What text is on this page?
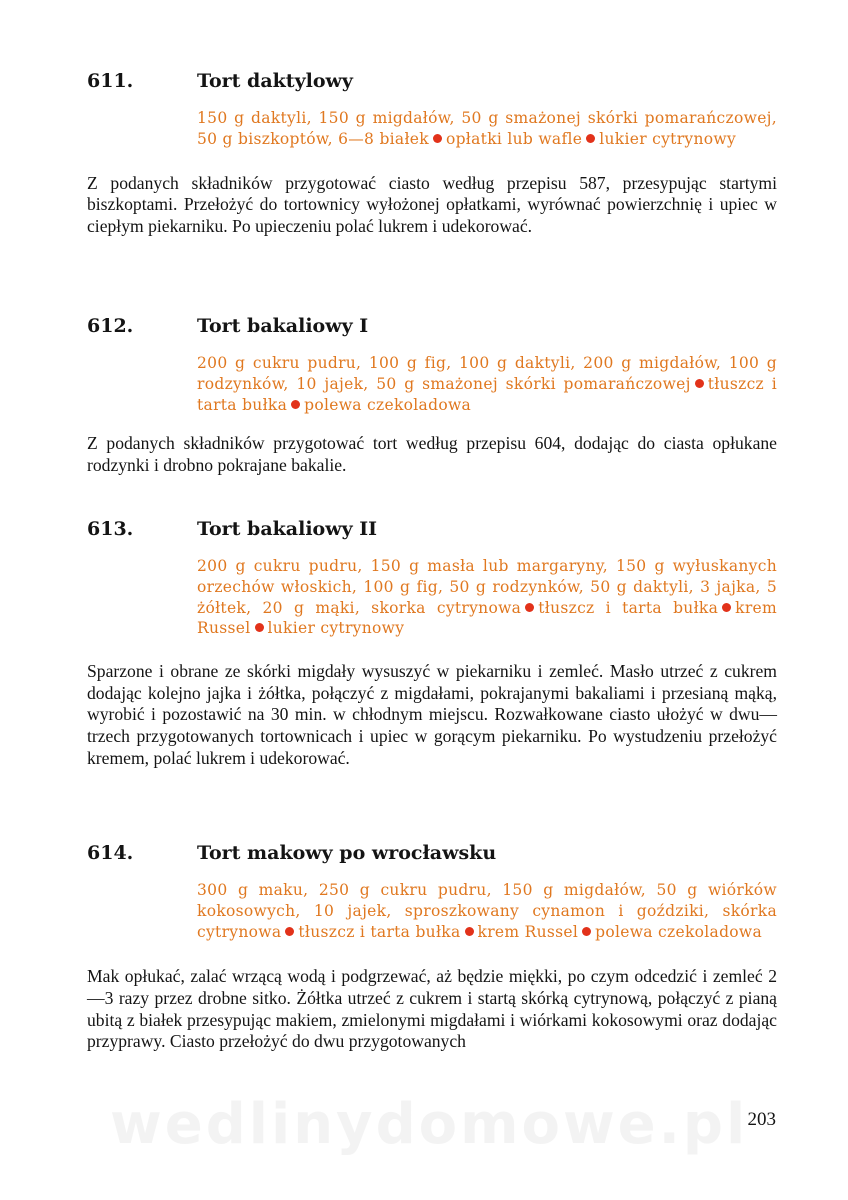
wedlinydomowe.pl
611.	Tort daktylowy

150 g daktyli, 150 g migdałów, 50 g smażonej skórki pomarańczowej, 50 g biszkoptów, 6—8 białek opłatki lub wafle lukier cytrynowy

Z podanych składników przygotować ciasto według przepisu 587, przesypując startymi biszkoptami. Przełożyć do tortownicy wyłożonej opłatkami, wyrównać powierzchnię i upiec w ciepłym piekarniku. Po upieczeniu polać lukrem i udekorować.

612.	Tort bakaliowy I

200 g cukru pudru, 100 g fig, 100 g daktyli, 200 g migdałów, 100 g rodzynków, 10 jajek, 50 g smażonej skórki pomarańczowej tłuszcz i tarta bułka polewa czekoladowa

Z podanych składników przygotować tort według przepisu 604, dodając do ciasta opłukane rodzynki i drobno pokrajane bakalie.

613.	Tort bakaliowy II

200 g cukru pudru, 150 g masła lub margaryny, 150 g wyłuskanych orzechów włoskich, 100 g fig, 50 g rodzynków, 50 g daktyli, 3 jajka, 5 żółtek, 20 g mąki, skorka cytrynowa tłuszcz i tarta bułka krem Russel lukier cytrynowy

Sparzone i obrane ze skórki migdały wysuszyć w piekarniku i zemleć. Masło utrzeć z cukrem dodając kolejno jajka i żółtka, połączyć z migdałami, pokrajanymi bakaliami i przesianą mąką, wyrobić i pozostawić na 30 min. w chłodnym miejscu. Rozwałkowane ciasto ułożyć w dwu—trzech przygotowanych tortownicach i upiec w gorącym piekarniku. Po wystudzeniu przełożyć kremem, polać lukrem i udekorować.

614.	Tort makowy po wrocławsku

300 g maku, 250 g cukru pudru, 150 g migdałów, 50 g wiórków kokosowych, 10 jajek, sproszkowany cynamon i goździki, skórka cytrynowa tłuszcz i tarta bułka krem Russel polewa czekoladowa

Mak opłukać, zalać wrzącą wodą i podgrzewać, aż będzie miękki, po czym odcedzić i zemleć 2—3 razy przez drobne sitko. Żółtka utrzeć z cukrem i startą skórką cytrynową, połączyć z pianą ubitą z białek przesypując makiem, zmielonymi migdałami i wiórkami kokosowymi oraz dodając przyprawy. Ciasto przełożyć do dwu przygotowanych

203
